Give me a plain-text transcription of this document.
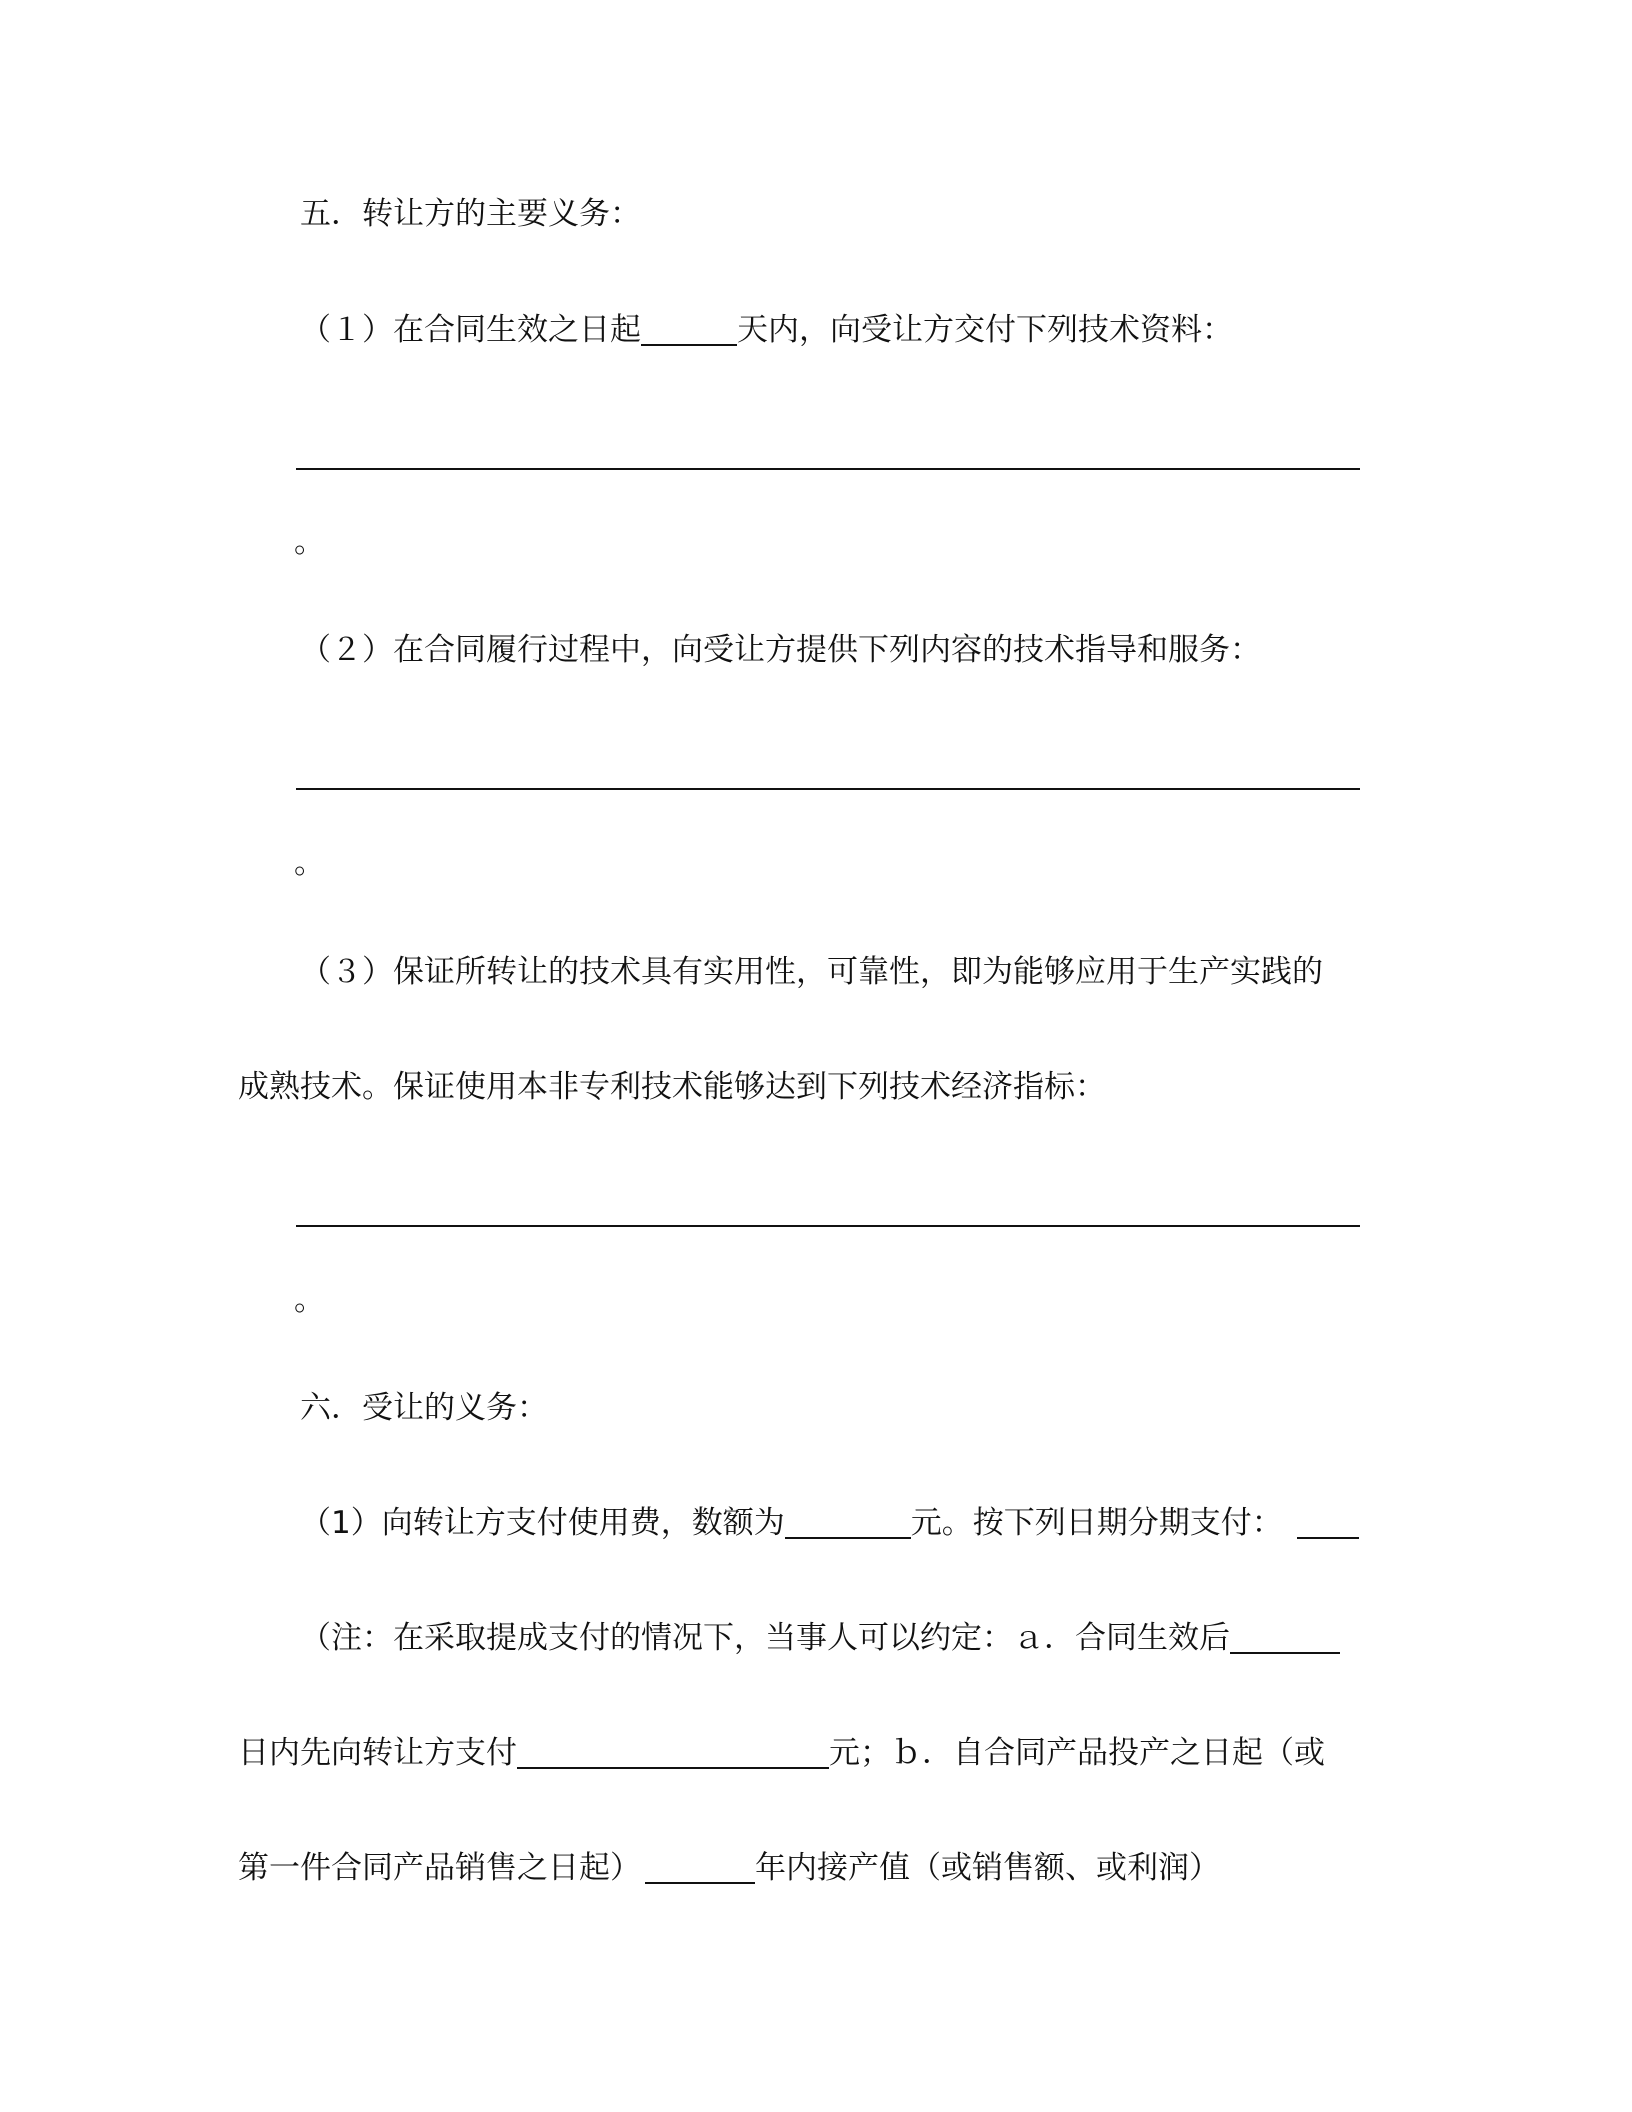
五．转让方的主要义务：
（１）在合同生效之日起	天内，向受让方交付下列技术资料：
。
（２）在合同履行过程中，向受让方提供下列内容的技术指导和服务：
。
（３）保证所转让的技术具有实用性，可靠性，即为能够应用于生产实践的
成熟技术。保证使用本非专利技术能够达到下列技术经济指标：
。
六．受让的义务：
（1）向转让方支付使用费，数额为	元。按下列日期分期支付：
（注：在采取提成支付的情况下，当事人可以约定：ａ．合同生效后
日内先向转让方支付	元；ｂ．自合同产品投产之日起（或
第一件合同产品销售之日起）	年内接产值（或销售额、或利润）
